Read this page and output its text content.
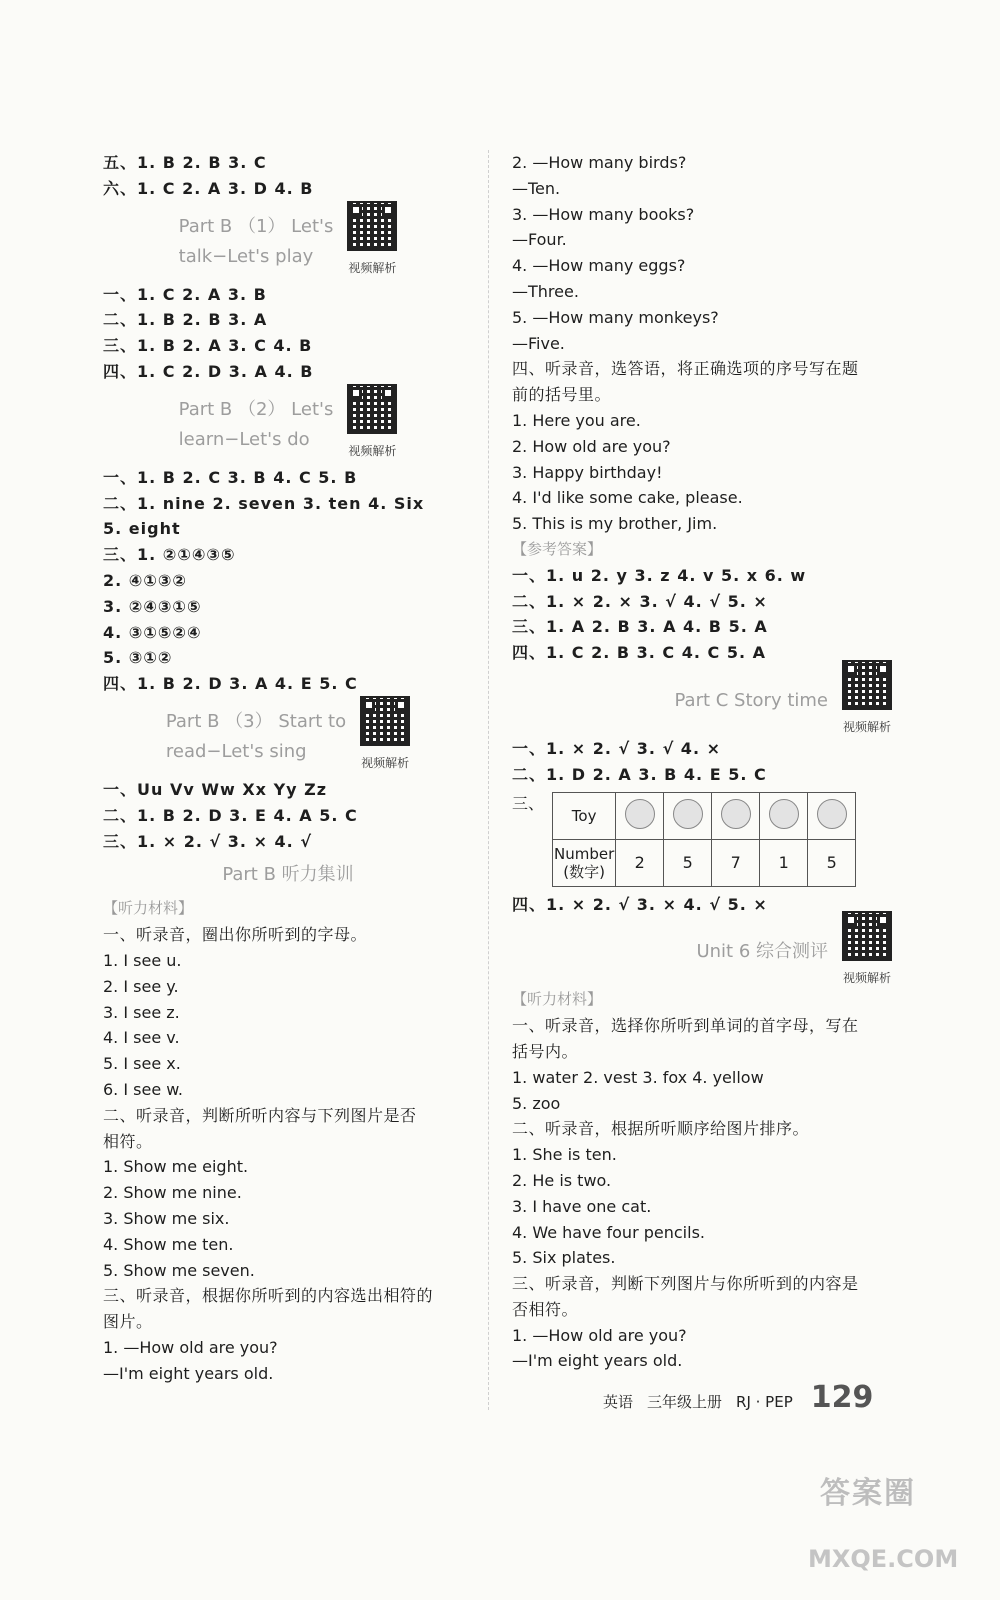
五、1. B 2. B 3. C
六、1. C 2. A 3. D 4. B
Part B （1） Let's
talk−Let's play
视频解析
一、1. C 2. A 3. B
二、1. B 2. B 3. A
三、1. B 2. A 3. C 4. B
四、1. C 2. D 3. A 4. B
Part B （2） Let's
learn−Let's do
视频解析
一、1. B 2. C 3. B 4. C 5. B
二、1. nine 2. seven 3. ten 4. Six
5. eight
三、1. ②①④③⑤
2. ④①③②
3. ②④③①⑤
4. ③①⑤②④
5. ③①②
四、1. B 2. D 3. A 4. E 5. C
Part B （3） Start to
read−Let's sing
视频解析
一、Uu Vv Ww Xx Yy Zz
二、1. B 2. D 3. E 4. A 5. C
三、1. × 2. √ 3. × 4. √
Part B 听力集训
【听力材料】
一、听录音，圈出你所听到的字母。
1. I see u.
2. I see y.
3. I see z.
4. I see v.
5. I see x.
6. I see w.
二、听录音，判断所听内容与下列图片是否
相符。
1. Show me eight.
2. Show me nine.
3. Show me six.
4. Show me ten.
5. Show me seven.
三、听录音，根据你所听到的内容选出相符的
图片。
1. —How old are you?
—I'm eight years old.
2. —How many birds?
—Ten.
3. —How many books?
—Four.
4. —How many eggs?
—Three.
5. —How many monkeys?
—Five.
四、听录音，选答语，将正确选项的序号写在题
前的括号里。
1. Here you are.
2. How old are you?
3. Happy birthday!
4. I'd like some cake, please.
5. This is my brother, Jim.
【参考答案】
一、1. u 2. y 3. z 4. v 5. x 6. w
二、1. × 2. × 3. √ 4. √ 5. ×
三、1. A 2. B 3. A 4. B 5. A
四、1. C 2. B 3. C 4. C 5. A
Part C Story time
视频解析
一、1. × 2. √ 3. √ 4. ×
二、1. D 2. A 3. B 4. E 5. C
三、
Toy					

Number
(数字)	2	5	7	1	5
四、1. × 2. √ 3. × 4. √ 5. ×
Unit 6 综合测评
视频解析
【听力材料】
一、听录音，选择你所听到单词的首字母，写在
括号内。
1. water 2. vest 3. fox 4. yellow
5. zoo
二、听录音，根据所听顺序给图片排序。
1. She is ten.
2. He is two.
3. I have one cat.
4. We have four pencils.
5. Six plates.
三、听录音，判断下列图片与你所听到的内容是
否相符。
1. —How old are you?
—I'm eight years old.
英语 三年级上册 RJ · PEP 129
答案圈
MXQE.COM
